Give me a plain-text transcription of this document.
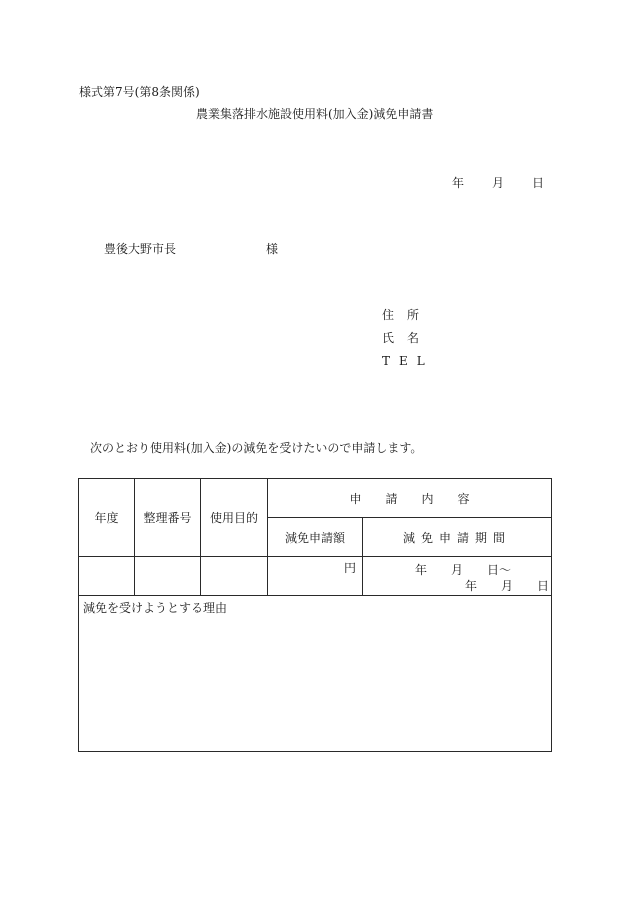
様式第7号(第8条関係)
農業集落排水施設使用料(加入金)減免申請書
年 月 日
豊後大野市長	様
住所
氏名
TEL
次のとおり使用料(加入金)の減免を受けたいので申請します。
年度	整理番号	使用目的	申請内容	
			減免申請額	減免申請期間
			円	年　　月　　日～
年　　月　　日

減免を受けようとする理由				
